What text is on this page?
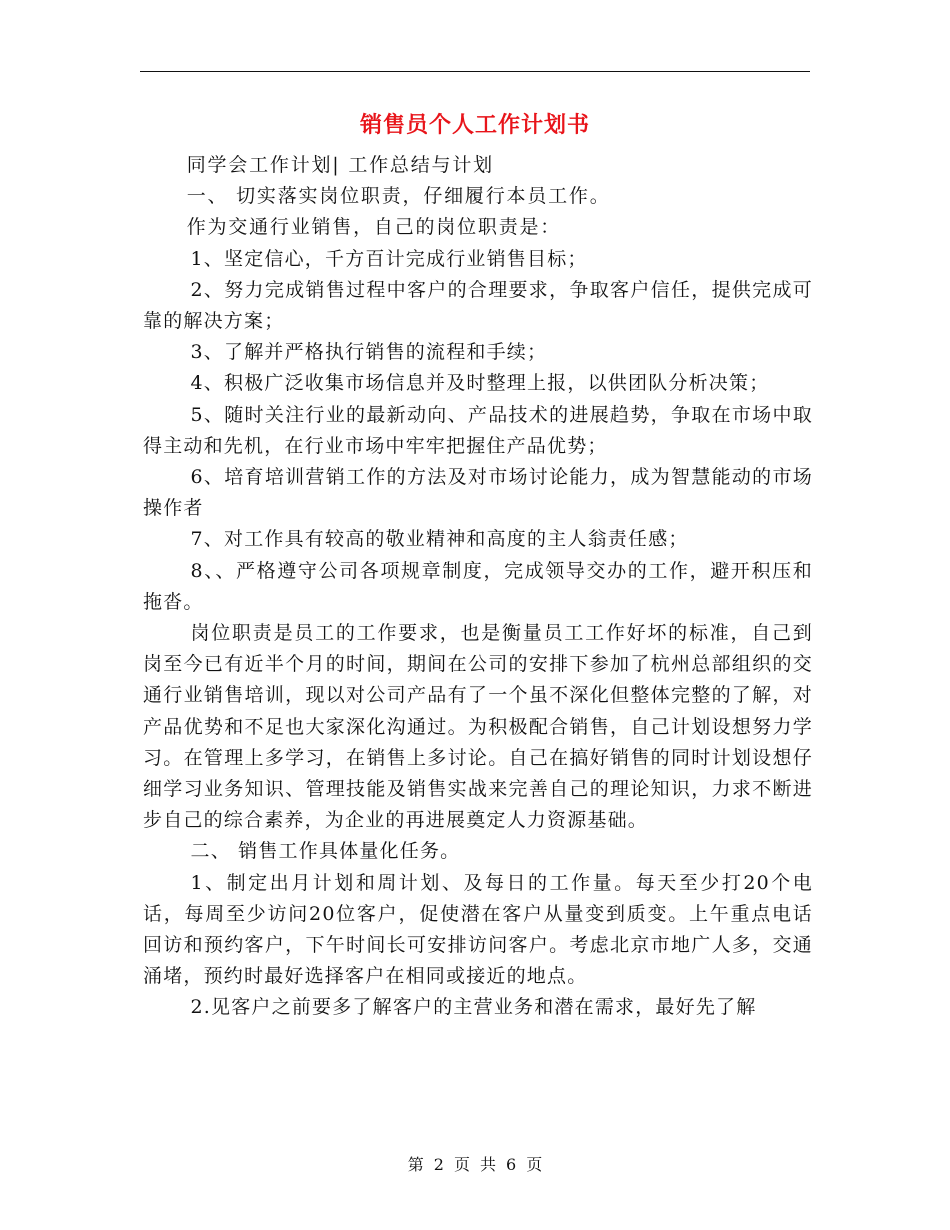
销售员个人工作计划书

同学会工作计划| 工作总结与计划

一、 切实落实岗位职责，仔细履行本员工作。

作为交通行业销售，自己的岗位职责是：

1、坚定信心，千方百计完成行业销售目标；

2、努力完成销售过程中客户的合理要求，争取客户信任，提供完成可靠的解决方案；

3、了解并严格执行销售的流程和手续；

4、积极广泛收集市场信息并及时整理上报，以供团队分析决策；

5、随时关注行业的最新动向、产品技术的进展趋势，争取在市场中取得主动和先机，在行业市场中牢牢把握住产品优势；

6、培育培训营销工作的方法及对市场讨论能力，成为智慧能动的市场操作者

7、对工作具有较高的敬业精神和高度的主人翁责任感；

8、、严格遵守公司各项规章制度，完成领导交办的工作，避开积压和拖沓。

岗位职责是员工的工作要求，也是衡量员工工作好坏的标准，自己到岗至今已有近半个月的时间，期间在公司的安排下参加了杭州总部组织的交通行业销售培训，现以对公司产品有了一个虽不深化但整体完整的了解，对产品优势和不足也大家深化沟通过。为积极配合销售，自己计划设想努力学习。在管理上多学习，在销售上多讨论。自己在搞好销售的同时计划设想仔细学习业务知识、管理技能及销售实战来完善自己的理论知识，力求不断进步自己的综合素养，为企业的再进展奠定人力资源基础。

二、 销售工作具体量化任务。

1、制定出月计划和周计划、及每日的工作量。每天至少打20个电话，每周至少访问20位客户，促使潜在客户从量变到质变。上午重点电话回访和预约客户，下午时间长可安排访问客户。考虑北京市地广人多，交通涌堵，预约时最好选择客户在相同或接近的地点。

2.见客户之前要多了解客户的主营业务和潜在需求，最好先了解

第 2 页 共 6 页
